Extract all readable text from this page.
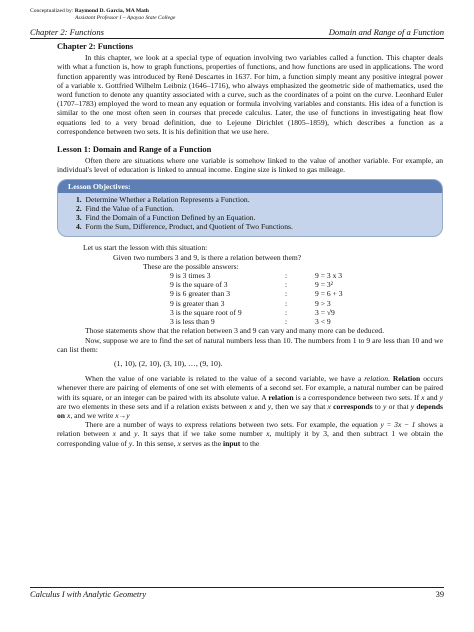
Conceptualized by: Raymond D. Garcia, MA Math
Assistant Professor I – Apayao State College
Chapter 2: Functions	Domain and Range of a Function
Chapter 2: Functions

In this chapter, we look at a special type of equation involving two variables called a function. This chapter deals with what a function is, how to graph functions, properties of functions, and how functions are used in applications. The word function apparently was introduced by René Descartes in 1637. For him, a function simply meant any positive integral power of a variable x. Gottfried Wilhelm Leibniz (1646–1716), who always emphasized the geometric side of mathematics, used the word function to denote any quantity associated with a curve, such as the coordinates of a point on the curve. Leonhard Euler (1707–1783) employed the word to mean any equation or formula involving variables and constants. His idea of a function is similar to the one most often seen in courses that precede calculus. Later, the use of functions in investigating heat flow equations led to a very broad definition, due to Lejeune Dirichlet (1805–1859), which describes a function as a correspondence between two sets. It is his definition that we use here.

Lesson 1: Domain and Range of a Function

Often there are situations where one variable is somehow linked to the value of another variable. For example, an individual's level of education is linked to annual income. Engine size is linked to gas mileage.

Lesson Objectives:
1. Determine Whether a Relation Represents a Function.
2. Find the Value of a Function.
3. Find the Domain of a Function Defined by an Equation.
4. Form the Sum, Difference, Product, and Quotient of Two Functions.

Let us start the lesson with this situation:

Given two numbers 3 and 9, is there a relation between them?

These are the possible answers:

9 is 3 times 3	:	9 = 3 x 3
9 is the square of 3	:	9 = 3²
9 is 6 greater than 3	:	9 = 6 + 3
9 is greater than 3	:	9 > 3
3 is the square root of 9	:	3 = √9
3 is less than 9	:	3 < 9

Those statements show that the relation between 3 and 9 can vary and many more can be deduced.

Now, suppose we are to find the set of natural numbers less than 10. The numbers from 1 to 9 are less than 10 and we can list them:

(1, 10), (2, 10), (3, 10), …, (9, 10).

When the value of one variable is related to the value of a second variable, we have a relation. Relation occurs whenever there are pairing of elements of one set with elements of a second set. For example, a natural number can be paired with its square, or an integer can be paired with its absolute value. A relation is a correspondence between two sets. If x and y are two elements in these sets and if a relation exists between x and y, then we say that x corresponds to y or that y depends on x, and we write x→y

There are a number of ways to express relations between two sets. For example, the equation y = 3x − 1 shows a relation between x and y. It says that if we take some number x, multiply it by 3, and then subtract 1 we obtain the corresponding value of y. In this sense, x serves as the input to the

Calculus I with Analytic Geometry	39
